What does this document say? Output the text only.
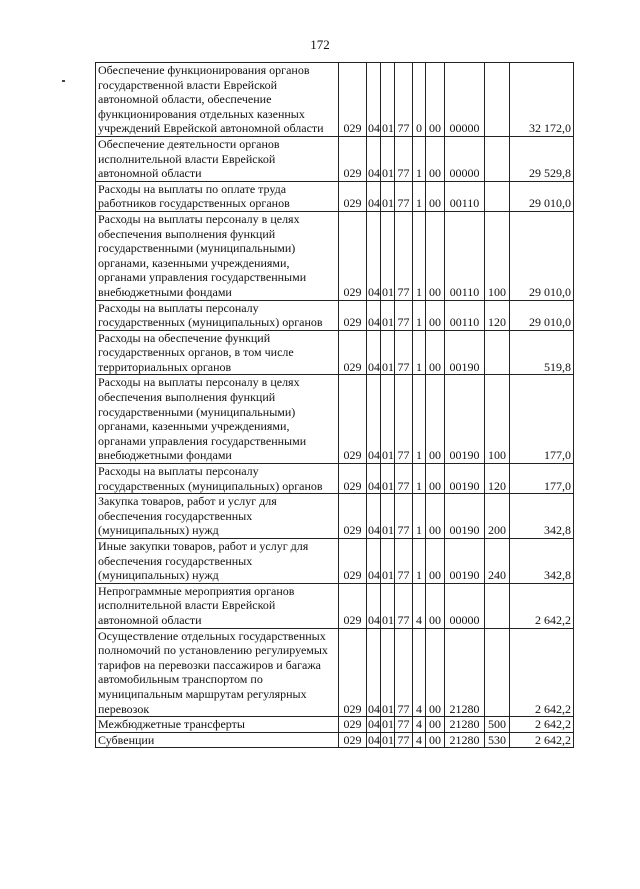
172
Обеспечение функционирования органов государственной власти Еврейской автономной области, обеспечение функционирования отдельных казенных учреждений Еврейской автономной области	029	04	01	77	0	00	00000		32 172,0

Обеспечение деятельности органов исполнительной власти Еврейской автономной области	029	04	01	77	1	00	00000		29 529,8

Расходы на выплаты по оплате труда работников государственных органов	029	04	01	77	1	00	00110		29 010,0

Расходы на выплаты персоналу в целях обеспечения выполнения функций государственными (муниципальными) органами, казенными учреждениями, органами управления государственными внебюджетными фондами	029	04	01	77	1	00	00110	100	29 010,0

Расходы на выплаты персоналу государственных (муниципальных) органов	029	04	01	77	1	00	00110	120	29 010,0

Расходы на обеспечение функций государственных органов, в том числе территориальных органов	029	04	01	77	1	00	00190		519,8

Расходы на выплаты персоналу в целях обеспечения выполнения функций государственными (муниципальными) органами, казенными учреждениями, органами управления государственными внебюджетными фондами	029	04	01	77	1	00	00190	100	177,0

Расходы на выплаты персоналу государственных (муниципальных) органов	029	04	01	77	1	00	00190	120	177,0

Закупка товаров, работ и услуг для обеспечения государственных (муниципальных) нужд	029	04	01	77	1	00	00190	200	342,8

Иные закупки товаров, работ и услуг для обеспечения государственных (муниципальных) нужд	029	04	01	77	1	00	00190	240	342,8

Непрограммные мероприятия органов исполнительной власти Еврейской автономной области	029	04	01	77	4	00	00000		2 642,2

Осуществление отдельных государственных полномочий по установлению регулируемых тарифов на перевозки пассажиров и багажа автомобильным транспортом по муниципальным маршрутам регулярных перевозок	029	04	01	77	4	00	21280		2 642,2

Межбюджетные трансферты	029	04	01	77	4	00	21280	500	2 642,2

Субвенции	029	04	01	77	4	00	21280	530	2 642,2
